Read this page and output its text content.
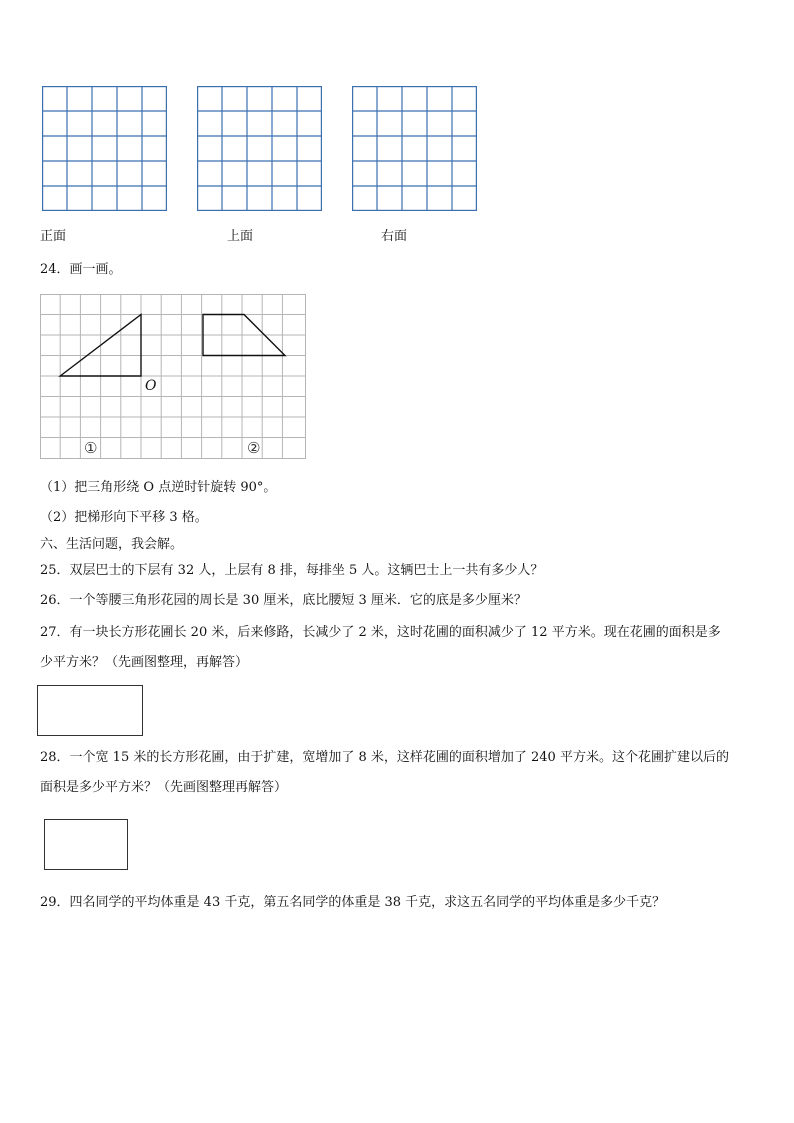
正面	上面	右面
24．画一画。
O
①	②
（1）把三角形绕 O 点逆时针旋转 90°。
（2）把梯形向下平移 3 格。
六、生活问题，我会解。
25．双层巴士的下层有 32 人，上层有 8 排，每排坐 5 人。这辆巴士上一共有多少人？
26．一个等腰三角形花园的周长是 30 厘米，底比腰短 3 厘米．它的底是多少厘米？
27．有一块长方形花圃长 20 米，后来修路，长减少了 2 米，这时花圃的面积减少了 12 平方米。现在花圃的面积是多
少平方米？（先画图整理，再解答）
28．一个宽 15 米的长方形花圃，由于扩建，宽增加了 8 米，这样花圃的面积增加了 240 平方米。这个花圃扩建以后的
面积是多少平方米？（先画图整理再解答）
29．四名同学的平均体重是 43 千克，第五名同学的体重是 38 千克，求这五名同学的平均体重是多少千克？
